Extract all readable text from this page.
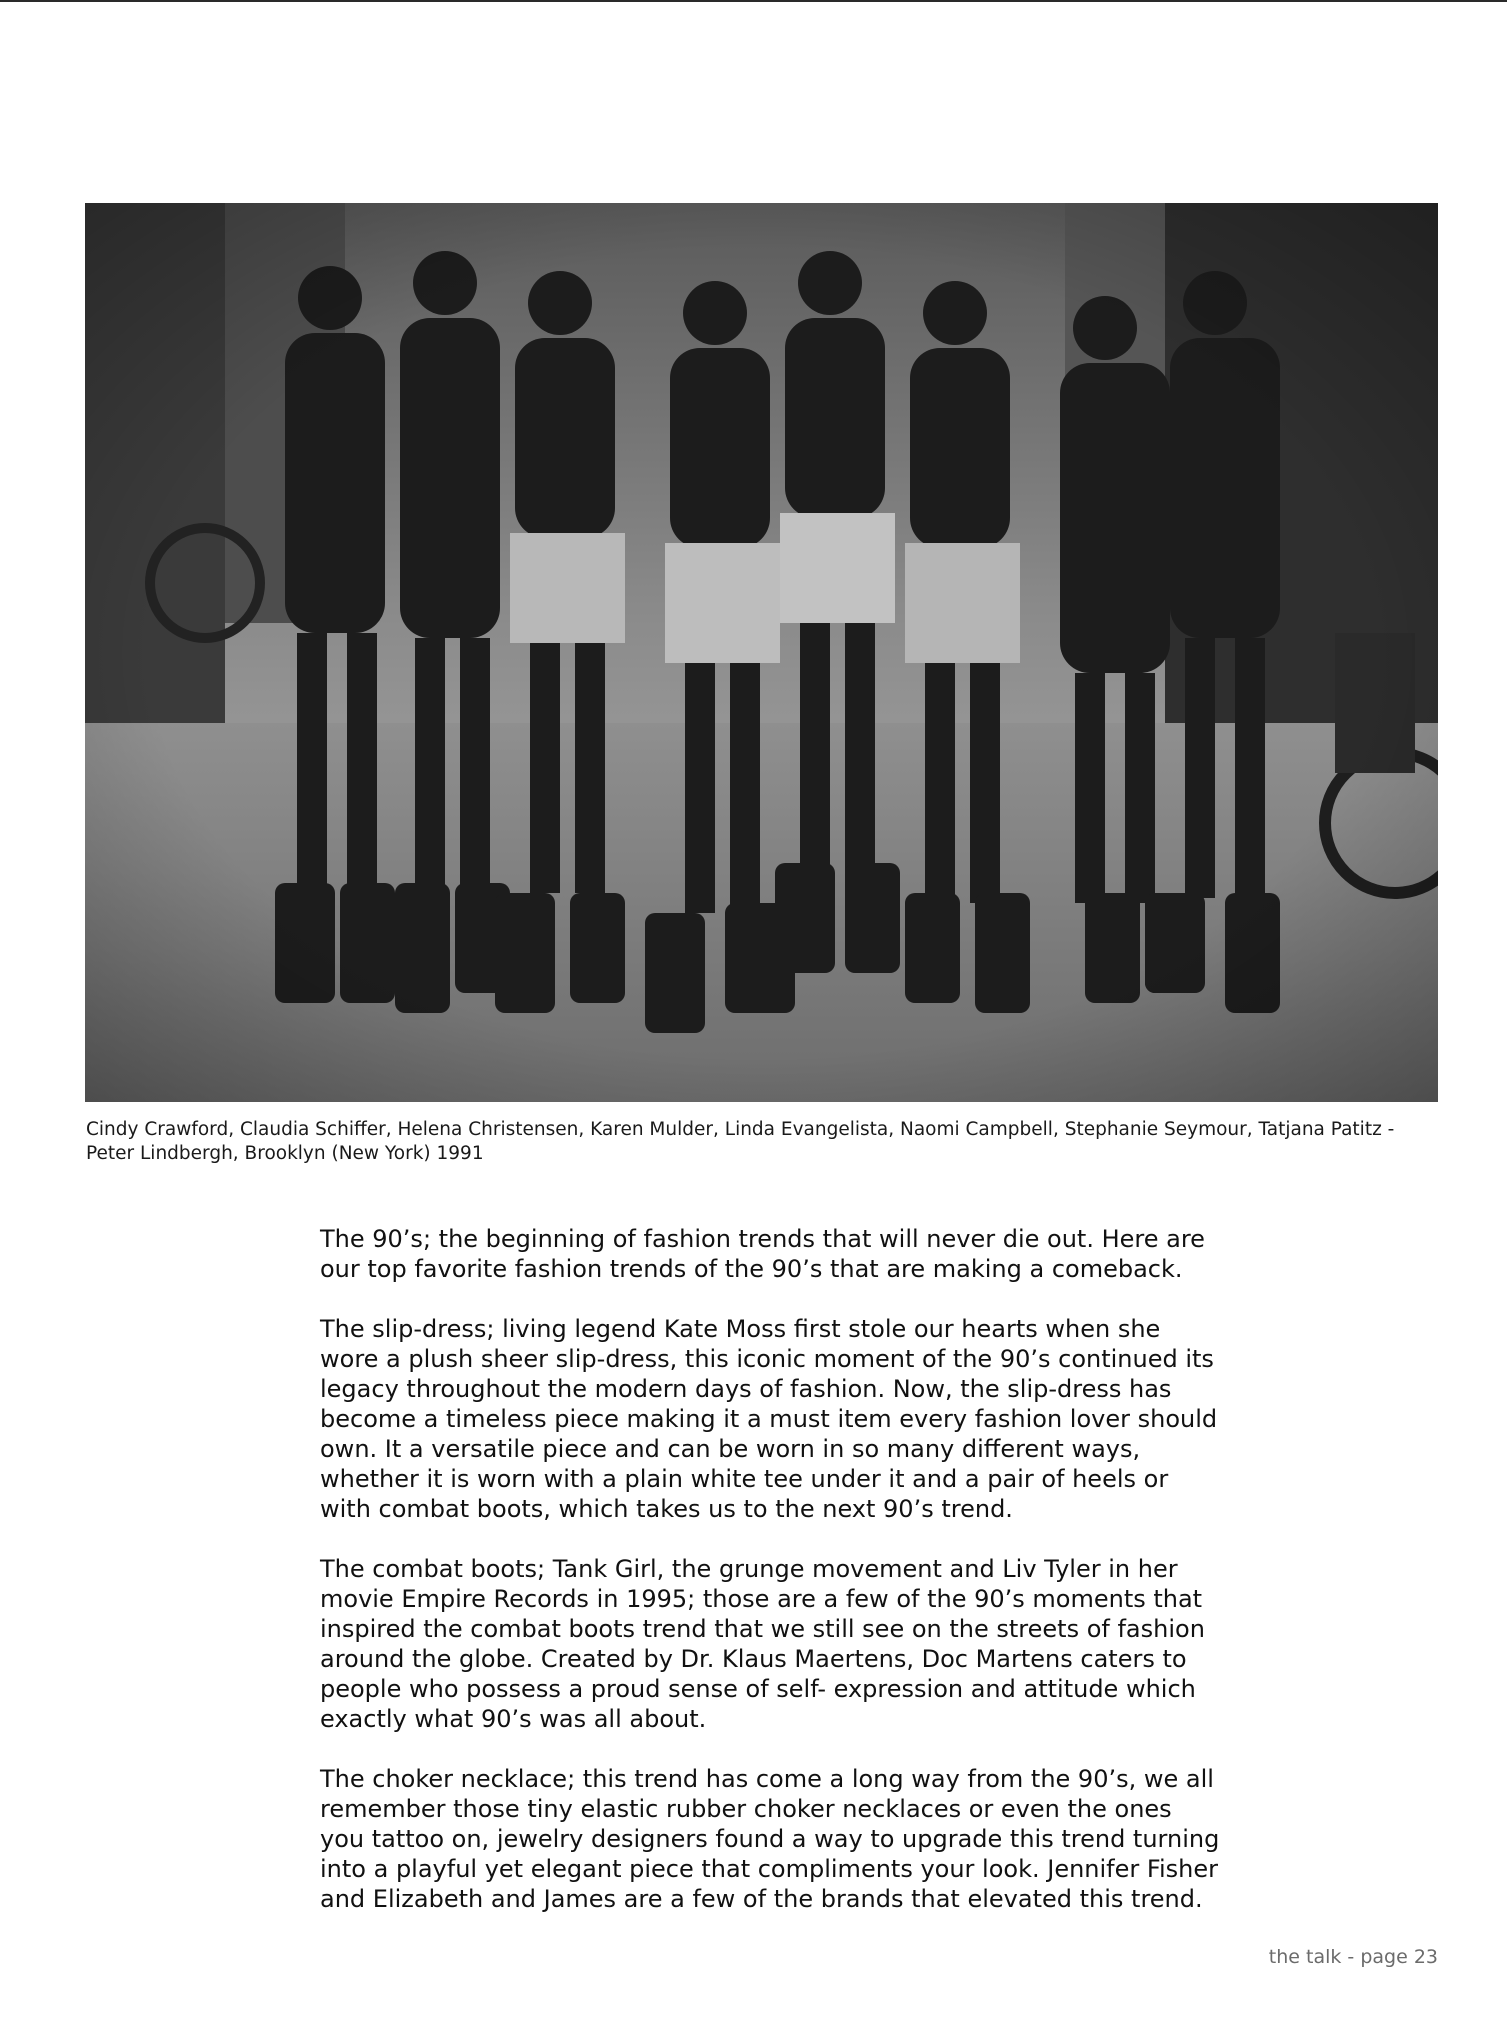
Cindy Crawford, Claudia Schiffer, Helena Christensen, Karen Mulder, Linda Evangelista, Naomi Campbell, Stephanie Seymour, Tatjana Patitz - Peter Lindbergh, Brooklyn (New York) 1991

The 90’s; the beginning of fashion trends that will never die out. Here are our top favorite fashion trends of the 90’s that are making a comeback.

The slip-dress; living legend Kate Moss first stole our hearts when she wore a plush sheer slip-dress, this iconic moment of the 90’s continued its legacy throughout the modern days of fashion. Now, the slip-dress has become a timeless piece making it a must item every fashion lover should own. It a versatile piece and can be worn in so many different ways, whether it is worn with a plain white tee under it and a pair of heels or with combat boots, which takes us to the next 90’s trend.

The combat boots; Tank Girl, the grunge movement and Liv Tyler in her movie Empire Records in 1995; those are a few of the 90’s moments that inspired the combat boots trend that we still see on the streets of fashion around the globe. Created by Dr. Klaus Maertens, Doc Martens caters to people who possess a proud sense of self- expression and attitude which exactly what 90’s was all about.

The choker necklace; this trend has come a long way from the 90’s, we all remember those tiny elastic rubber choker necklaces or even the ones you tattoo on, jewelry designers found a way to upgrade this trend turning into a playful yet elegant piece that compliments your look. Jennifer Fisher and Elizabeth and James are a few of the brands that elevated this trend.

the talk - page 23
